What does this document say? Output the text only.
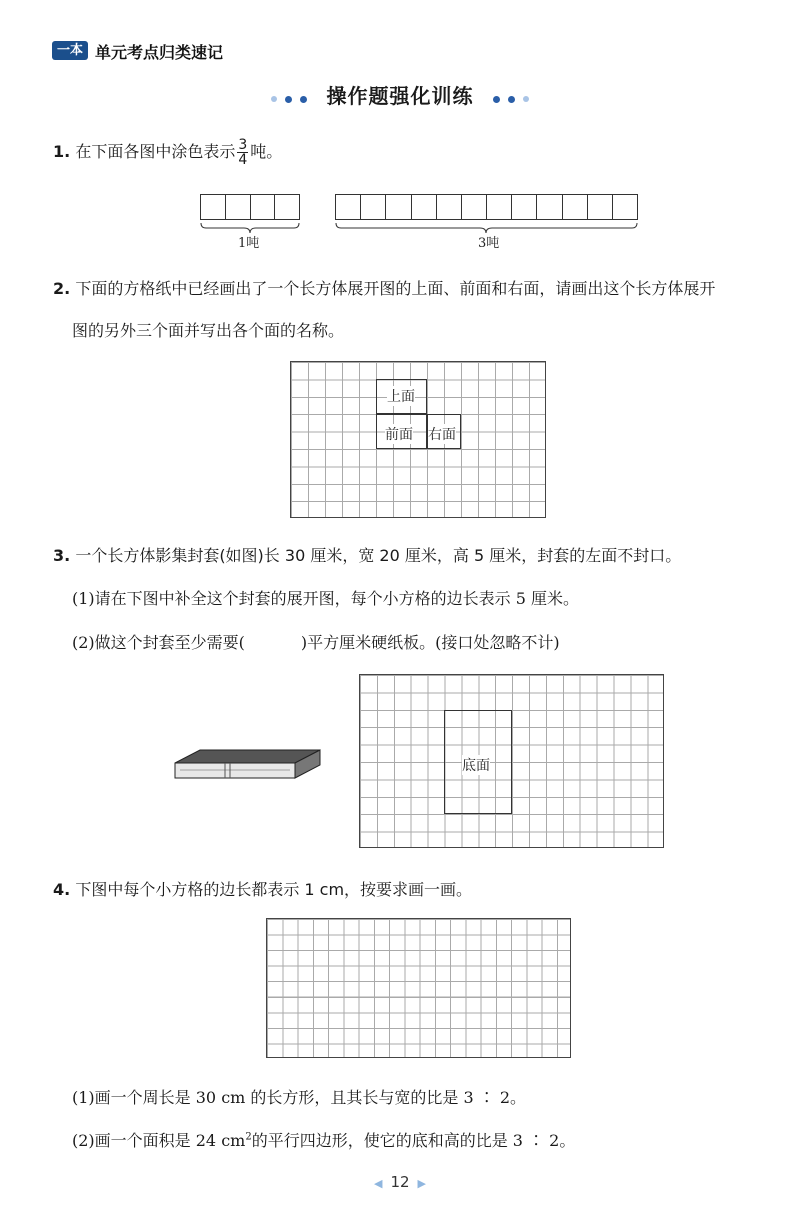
一本 单元考点归类速记
操作题强化训练
1. 在下面各图中涂色表示 $\frac{3}{4}$ 吨。
1吨	3吨
2. 下面的方格纸中已经画出了一个长方体展开图的上面、前面和右面，请画出这个长方体展开
图的另外三个面并写出各个面的名称。
上面
前面 右面
3. 一个长方体影集封套(如图)长 30 厘米，宽 20 厘米，高 5 厘米，封套的左面不封口。
(1)请在下图中补全这个封套的展开图，每个小方格的边长表示 5 厘米。
(2)做这个封套至少需要(	)平方厘米硬纸板。(接口处忽略不计)
底面
4. 下图中每个小方格的边长都表示 1 cm，按要求画一画。
(1)画一个周长是 30 cm 的长方形，且其长与宽的比是 3 ∶ 2。
(2)画一个面积是 24 $cm^2$的平行四边形，使它的底和高的比是 3 ∶ 2。
◀ 12 ▶
